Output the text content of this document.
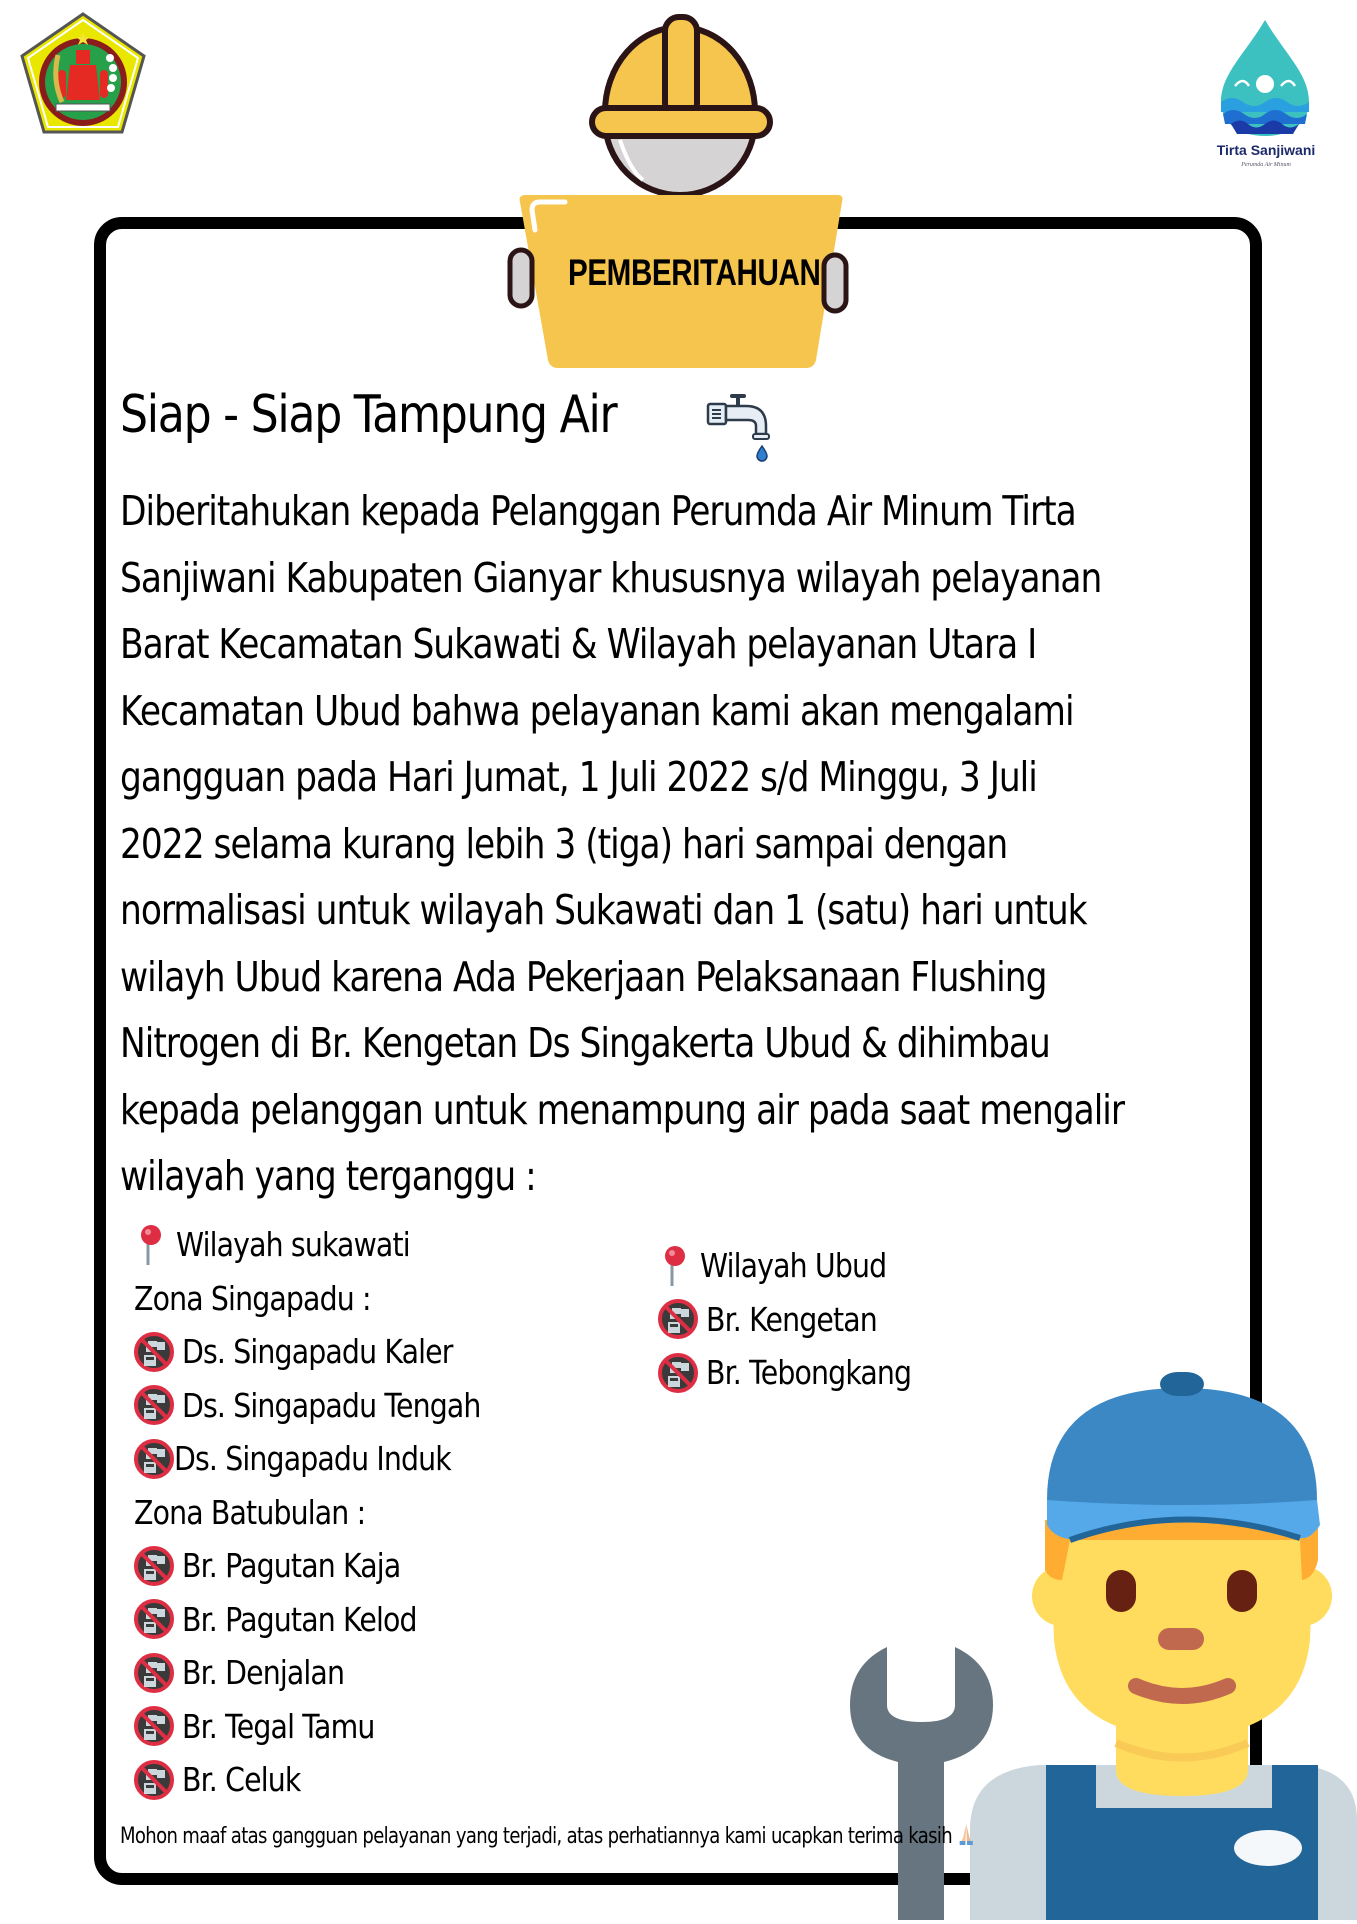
Tirta Sanjiwani
Perumda Air Minum
PEMBERITAHUAN
Siap - Siap Tampung Air
Diberitahukan kepada Pelanggan Perumda Air Minum Tirta
Sanjiwani Kabupaten Gianyar khususnya wilayah pelayanan
Barat Kecamatan Sukawati & Wilayah pelayanan Utara I
Kecamatan Ubud bahwa pelayanan kami akan mengalami
gangguan pada Hari Jumat, 1 Juli 2022 s/d Minggu, 3 Juli
2022 selama kurang lebih 3 (tiga) hari sampai dengan
normalisasi untuk wilayah Sukawati dan 1 (satu) hari untuk
wilayh Ubud karena Ada Pekerjaan Pelaksanaan Flushing
Nitrogen di Br. Kengetan Ds Singakerta Ubud & dihimbau
kepada pelanggan untuk menampung air pada saat mengalir
wilayah yang terganggu :
Wilayah sukawati
Zona Singapadu :
Ds. Singapadu Kaler
Ds. Singapadu Tengah
Ds. Singapadu Induk
Zona Batubulan :
Br. Pagutan Kaja
Br. Pagutan Kelod
Br. Denjalan
Br. Tegal Tamu
Br. Celuk
Wilayah Ubud
Br. Kengetan
Br. Tebongkang
Mohon maaf atas gangguan pelayanan yang terjadi, atas perhatiannya kami ucapkan terima kasih
